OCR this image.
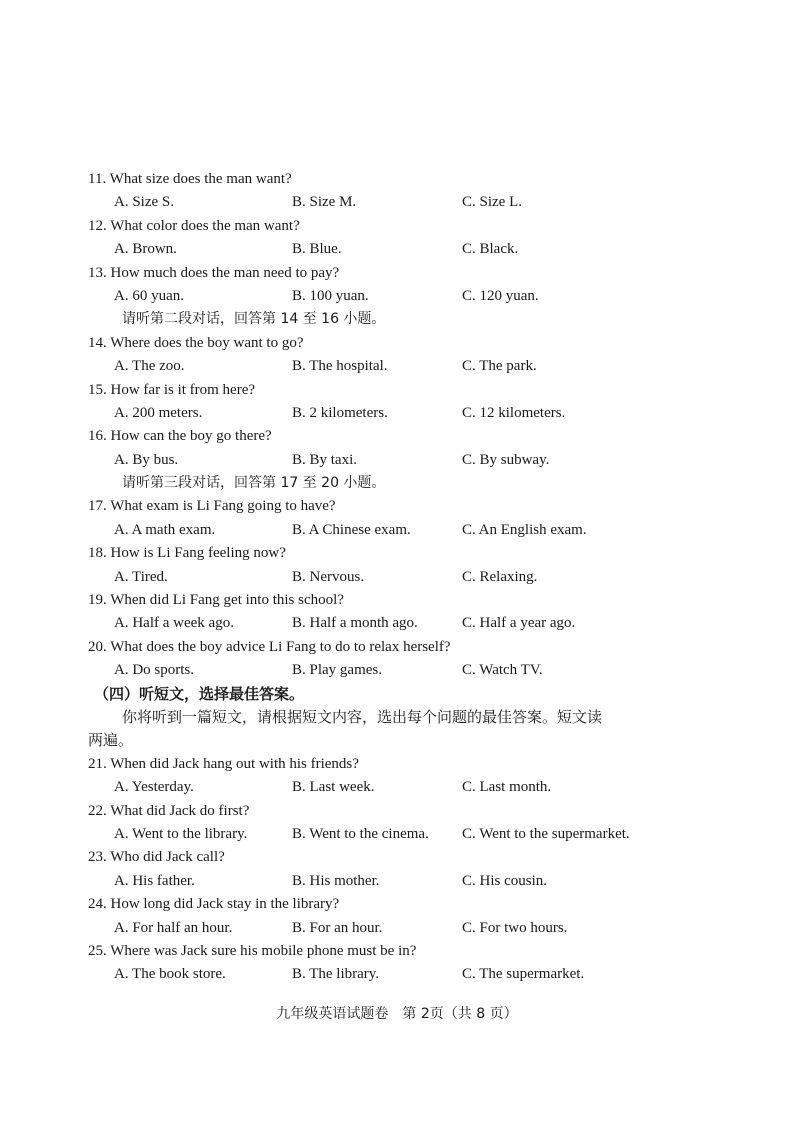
11. What size does the man want?
A. Size S.	B. Size M.	C. Size L.
12. What color does the man want?
A. Brown.	B. Blue.	C. Black.
13. How much does the man need to pay?
A. 60 yuan.	B. 100 yuan.	C. 120 yuan.
请听第二段对话，回答第 14 至 16 小题。
14. Where does the boy want to go?
A. The zoo.	B. The hospital.	C. The park.
15. How far is it from here?
A. 200 meters.	B. 2 kilometers.	C. 12 kilometers.
16. How can the boy go there?
A. By bus.	B. By taxi.	C. By subway.
请听第三段对话，回答第 17 至 20 小题。
17. What exam is Li Fang going to have?
A. A math exam.	B. A Chinese exam.	C. An English exam.
18. How is Li Fang feeling now?
A. Tired.	B. Nervous.	C. Relaxing.
19. When did Li Fang get into this school?
A. Half a week ago.	B. Half a month ago.	C. Half a year ago.
20. What does the boy advice Li Fang to do to relax herself?
A. Do sports.	B. Play games.	C. Watch TV.
（四）听短文，选择最佳答案。
你将听到一篇短文，请根据短文内容，选出每个问题的最佳答案。短文读
两遍。
21. When did Jack hang out with his friends?
A. Yesterday.	B. Last week.	C. Last month.
22. What did Jack do first?
A. Went to the library.	B. Went to the cinema.	C. Went to the supermarket.
23. Who did Jack call?
A. His father.	B. His mother.	C. His cousin.
24. How long did Jack stay in the library?
A. For half an hour.	B. For an hour.	C. For two hours.
25. Where was Jack sure his mobile phone must be in?
A. The book store.	B. The library.	C. The supermarket.
九年级英语试题卷　第 2页（共 8 页）
